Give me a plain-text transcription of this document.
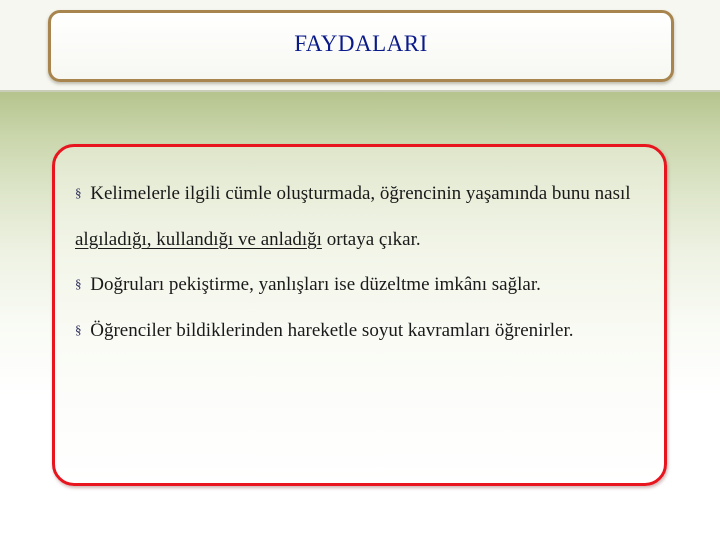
FAYDALARI
§ Kelimelerle ilgili cümle oluşturmada, öğrencinin yaşamında bunu nasıl algıladığı, kullandığı ve anladığı ortaya çıkar.
§ Doğruları pekiştirme, yanlışları ise düzeltme imkânı sağlar.
§ Öğrenciler bildiklerinden hareketle soyut kavramları öğrenirler.
